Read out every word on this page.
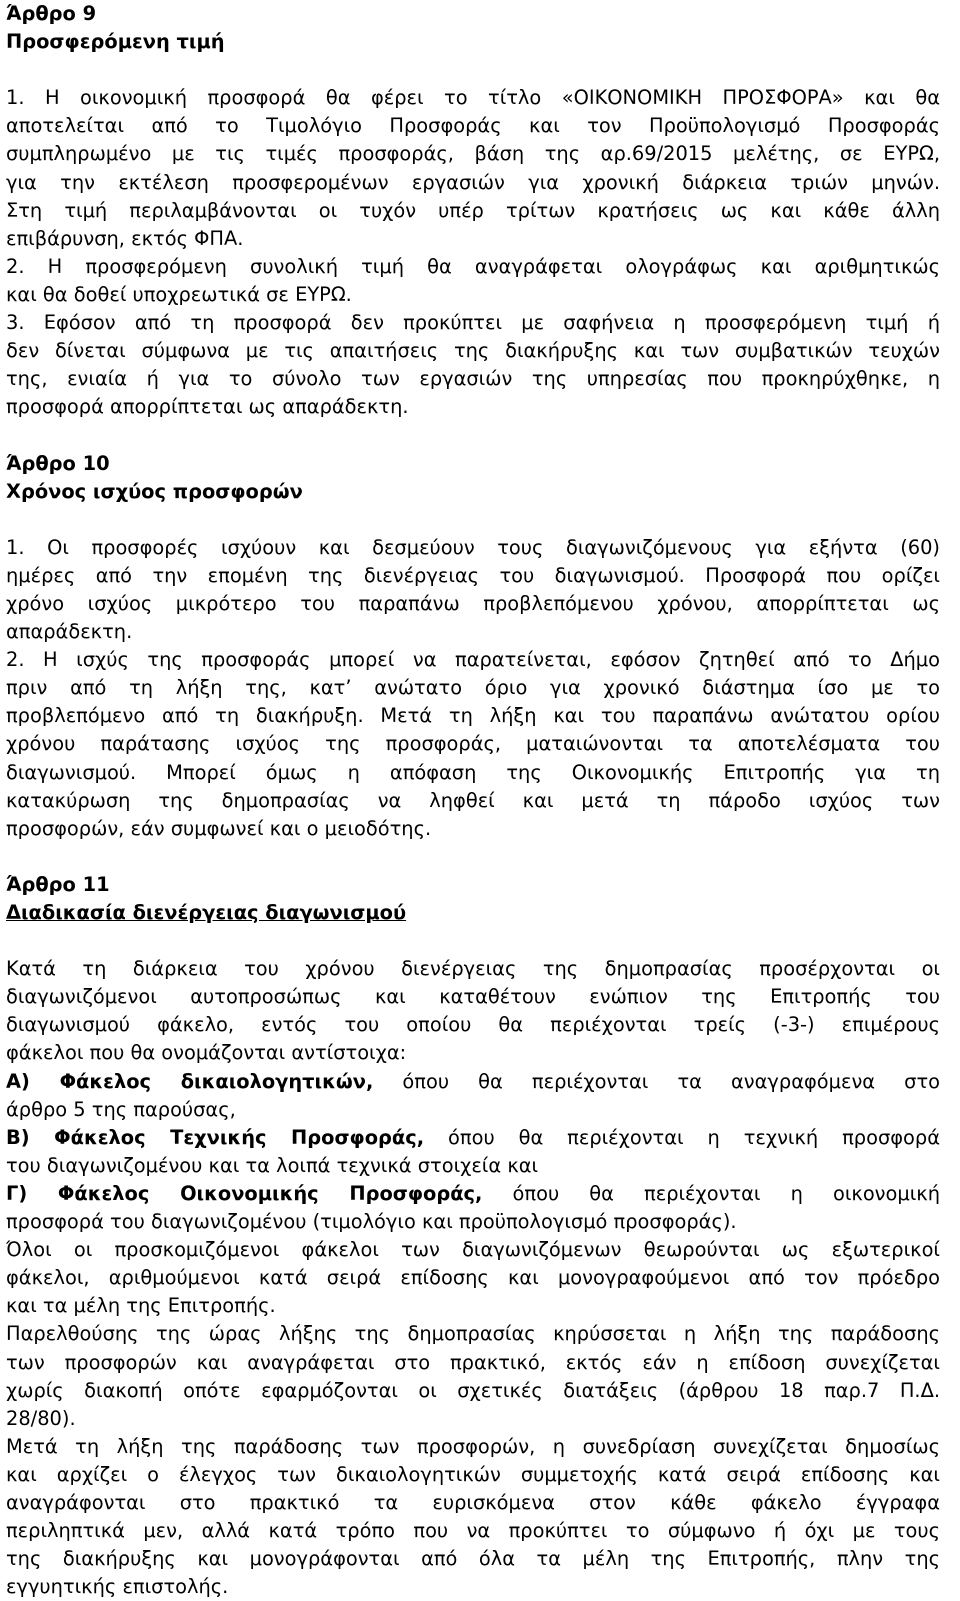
Άρθρο 9
Προσφερόμενη τιμή
1. Η οικονομική προσφορά θα φέρει το τίτλο «ΟΙΚΟΝΟΜΙΚΗ ΠΡΟΣΦΟΡΑ» και θα
αποτελείται από το Τιμολόγιο Προσφοράς και τον Προϋπολογισμό Προσφοράς
συμπληρωμένο με τις τιμές προσφοράς, βάση της αρ.69/2015 μελέτης, σε ΕΥΡΩ,
για την εκτέλεση προσφερομένων εργασιών για χρονική διάρκεια τριών μηνών.
Στη τιμή περιλαμβάνονται οι τυχόν υπέρ τρίτων κρατήσεις ως και κάθε άλλη
επιβάρυνση, εκτός ΦΠΑ.
2. Η προσφερόμενη συνολική τιμή θα αναγράφεται ολογράφως και αριθμητικώς
και θα δοθεί υποχρεωτικά σε ΕΥΡΩ.
3. Εφόσον από τη προσφορά δεν προκύπτει με σαφήνεια η προσφερόμενη τιμή ή
δεν δίνεται σύμφωνα με τις απαιτήσεις της διακήρυξης και των συμβατικών τευχών
της, ενιαία ή για το σύνολο των εργασιών της υπηρεσίας που προκηρύχθηκε, η
προσφορά απορρίπτεται ως απαράδεκτη.
Άρθρο 10
Χρόνος ισχύος προσφορών
1. Οι προσφορές ισχύουν και δεσμεύουν τους διαγωνιζόμενους για εξήντα (60)
ημέρες από την επομένη της διενέργειας του διαγωνισμού. Προσφορά που ορίζει
χρόνο ισχύος μικρότερο του παραπάνω προβλεπόμενου χρόνου, απορρίπτεται ως
απαράδεκτη.
2. Η ισχύς της προσφοράς μπορεί να παρατείνεται, εφόσον ζητηθεί από το Δήμο
πριν από τη λήξη της, κατ’ ανώτατο όριο για χρονικό διάστημα ίσο με το
προβλεπόμενο από τη διακήρυξη. Μετά τη λήξη και του παραπάνω ανώτατου ορίου
χρόνου παράτασης ισχύος της προσφοράς, ματαιώνονται τα αποτελέσματα του
διαγωνισμού. Μπορεί όμως η απόφαση της Οικονομικής Επιτροπής για τη
κατακύρωση της δημοπρασίας να ληφθεί και μετά τη πάροδο ισχύος των
προσφορών, εάν συμφωνεί και ο μειοδότης.
Άρθρο 11
Διαδικασία διενέργειας διαγωνισμού
Κατά τη διάρκεια του χρόνου διενέργειας της δημοπρασίας προσέρχονται οι
διαγωνιζόμενοι αυτοπροσώπως και καταθέτουν ενώπιον της Επιτροπής του
διαγωνισμού φάκελο, εντός του οποίου θα περιέχονται τρείς (-3-) επιμέρους
φάκελοι που θα ονομάζονται αντίστοιχα:
Α) Φάκελος δικαιολογητικών, όπου θα περιέχονται τα αναγραφόμενα στο
άρθρο 5 της παρούσας,
Β) Φάκελος Τεχνικής Προσφοράς, όπου θα περιέχονται η τεχνική προσφορά
του διαγωνιζομένου και τα λοιπά τεχνικά στοιχεία και
Γ) Φάκελος Οικονομικής Προσφοράς, όπου θα περιέχονται η οικονομική
προσφορά του διαγωνιζομένου (τιμολόγιο και προϋπολογισμό προσφοράς).
Όλοι οι προσκομιζόμενοι φάκελοι των διαγωνιζόμενων θεωρούνται ως εξωτερικοί
φάκελοι, αριθμούμενοι κατά σειρά επίδοσης και μονογραφούμενοι από τον πρόεδρο
και τα μέλη της Επιτροπής.
Παρελθούσης της ώρας λήξης της δημοπρασίας κηρύσσεται η λήξη της παράδοσης
των προσφορών και αναγράφεται στο πρακτικό, εκτός εάν η επίδοση συνεχίζεται
χωρίς διακοπή οπότε εφαρμόζονται οι σχετικές διατάξεις (άρθρου 18 παρ.7 Π.Δ.
28/80).
Μετά τη λήξη της παράδοσης των προσφορών, η συνεδρίαση συνεχίζεται δημοσίως
και αρχίζει ο έλεγχος των δικαιολογητικών συμμετοχής κατά σειρά επίδοσης και
αναγράφονται στο πρακτικό τα ευρισκόμενα στον κάθε φάκελο έγγραφα
περιληπτικά μεν, αλλά κατά τρόπο που να προκύπτει το σύμφωνο ή όχι με τους
της διακήρυξης και μονογράφονται από όλα τα μέλη της Επιτροπής, πλην της
εγγυητικής επιστολής.
